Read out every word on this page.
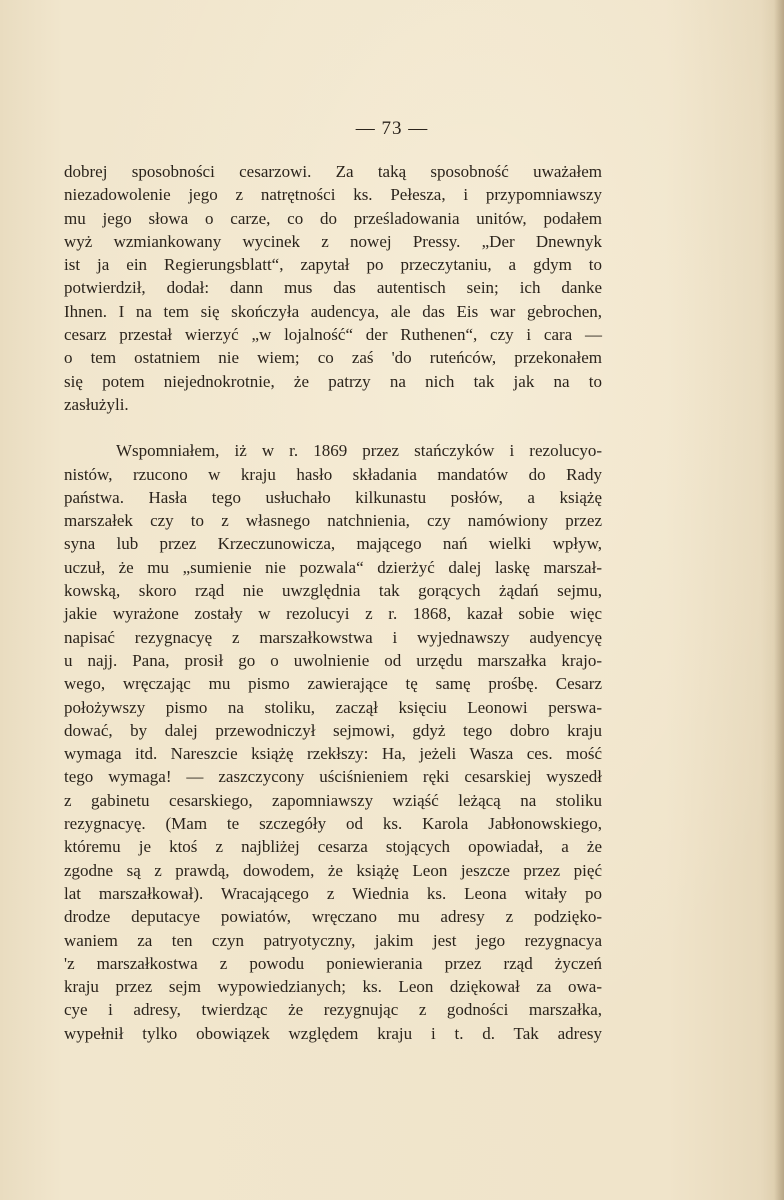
— 73 —
dobrej sposobności cesarzowi. Za taką sposobność uważałem
niezadowolenie jego z natrętności ks. Pełesza, i przypomniawszy
mu jego słowa o carze, co do prześladowania unitów, podałem
wyż wzmiankowany wycinek z nowej Pressy. „Der Dnewnyk
ist ja ein Regierungsblatt“, zapytał po przeczytaniu, a gdym to
potwierdził, dodał: dann mus das autentisch sein; ich danke
Ihnen. I na tem się skończyła audencya, ale das Eis war gebrochen,
cesarz przestał wierzyć „w lojalność“ der Ruthenen“, czy i cara —
o tem ostatniem nie wiem; co zaś 'do ruteńców, przekonałem
się potem niejednokrotnie, że patrzy na nich tak jak na to
zasłużyli.
Wspomniałem, iż w r. 1869 przez stańczyków i rezolucyo-
nistów, rzucono w kraju hasło składania mandatów do Rady
państwa. Hasła tego usłuchało kilkunastu posłów, a książę
marszałek czy to z własnego natchnienia, czy namówiony przez
syna lub przez Krzeczunowicza, mającego nań wielki wpływ,
uczuł, że mu „sumienie nie pozwala“ dzierżyć dalej laskę marszał-
kowską, skoro rząd nie uwzględnia tak gorących żądań sejmu,
jakie wyrażone zostały w rezolucyi z r. 1868, kazał sobie więc
napisać rezygnacyę z marszałkowstwa i wyjednawszy audyencyę
u najj. Pana, prosił go o uwolnienie od urzędu marszałka krajo-
wego, wręczając mu pismo zawierające tę samę prośbę. Cesarz
położywszy pismo na stoliku, zaczął księciu Leonowi perswa-
dować, by dalej przewodniczył sejmowi, gdyż tego dobro kraju
wymaga itd. Nareszcie książę rzekłszy: Ha, jeżeli Wasza ces. mość
tego wymaga! — zaszczycony uściśnieniem ręki cesarskiej wyszedł
z gabinetu cesarskiego, zapomniawszy wziąść leżącą na stoliku
rezygnacyę. (Mam te szczegóły od ks. Karola Jabłonowskiego,
któremu je ktoś z najbliżej cesarza stojących opowiadał, a że
zgodne są z prawdą, dowodem, że książę Leon jeszcze przez pięć
lat marszałkował). Wracającego z Wiednia ks. Leona witały po
drodze deputacye powiatów, wręczano mu adresy z podzięko-
waniem za ten czyn patryotyczny, jakim jest jego rezygnacya
'z marszałkostwa z powodu poniewierania przez rząd życzeń
kraju przez sejm wypowiedzianych; ks. Leon dziękował za owa-
cye i adresy, twierdząc że rezygnując z godności marszałka,
wypełnił tylko obowiązek względem kraju i t. d. Tak adresy
